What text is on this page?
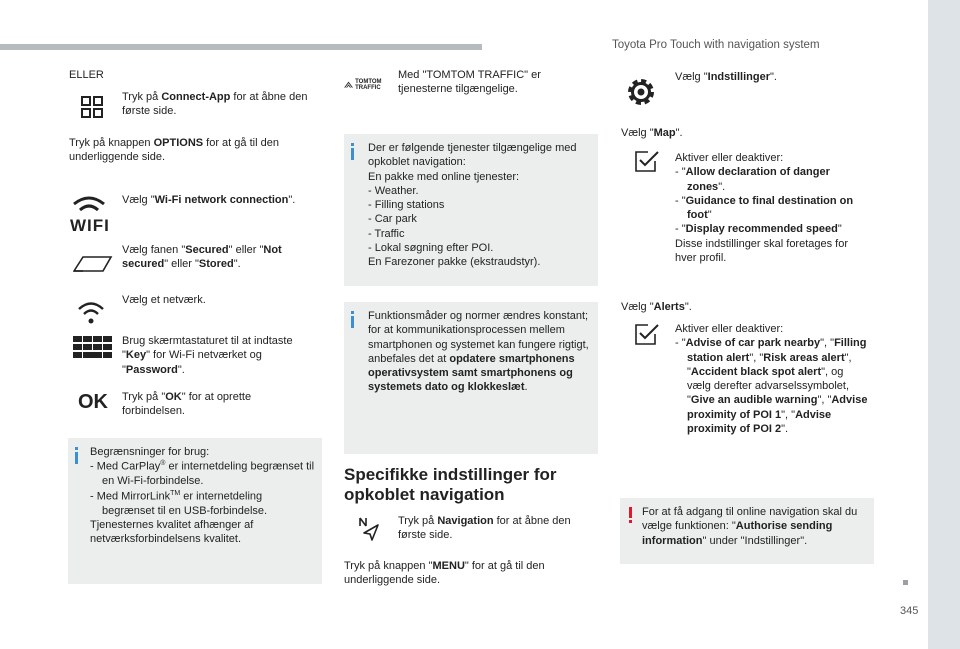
Toyota Pro Touch with navigation system
345
ELLER
Tryk på Connect-App for at åbne den første side.
Tryk på knappen OPTIONS for at gå til den underliggende side.
WIFI
Vælg "Wi-Fi network connection".
Vælg fanen "Secured" eller "Not secured" eller "Stored".
Vælg et netværk.
Brug skærmtastaturet til at indtaste "Key" for Wi-Fi netværket og "Password".
OK Tryk på "OK" for at oprette forbindelsen.
Begrænsninger for brug:
- Med CarPlay® er internetdeling begrænset til en Wi-Fi-forbindelse.
- Med MirrorLink™ er internetdeling begrænset til en USB-forbindelse.
Tjenesternes kvalitet afhænger af netværksforbindelsens kvalitet.
TOMTOM TRAFFIC
Med "TOMTOM TRAFFIC" er tjenesterne tilgængelige.
Der er følgende tjenester tilgængelige med opkoblet navigation:
En pakke med online tjenester:
- Weather.
- Filling stations
- Car park
- Traffic
- Lokal søgning efter POI.
En Farezoner pakke (ekstraudstyr).
Funktionsmåder og normer ændres konstant; for at kommunikationsprocessen mellem smartphonen og systemet kan fungere rigtigt, anbefales det at opdatere smartphonens operativsystem samt smartphonens og systemets dato og klokkeslæt.
Specifikke indstillinger for opkoblet navigation
Tryk på Navigation for at åbne den første side.
Tryk på knappen "MENU" for at gå til den underliggende side.
Vælg "Indstillinger".
Vælg "Map".
Aktiver eller deaktiver:
- "Allow declaration of danger zones".
- "Guidance to final destination on foot"
- "Display recommended speed"
Disse indstillinger skal foretages for hver profil.
Vælg "Alerts".
Aktiver eller deaktiver:
- "Advise of car park nearby", "Filling station alert", "Risk areas alert", "Accident black spot alert", og vælg derefter advarselssymbolet, "Give an audible warning", "Advise proximity of POI 1", "Advise proximity of POI 2".
For at få adgang til online navigation skal du vælge funktionen: "Authorise sending information" under "Indstillinger".
